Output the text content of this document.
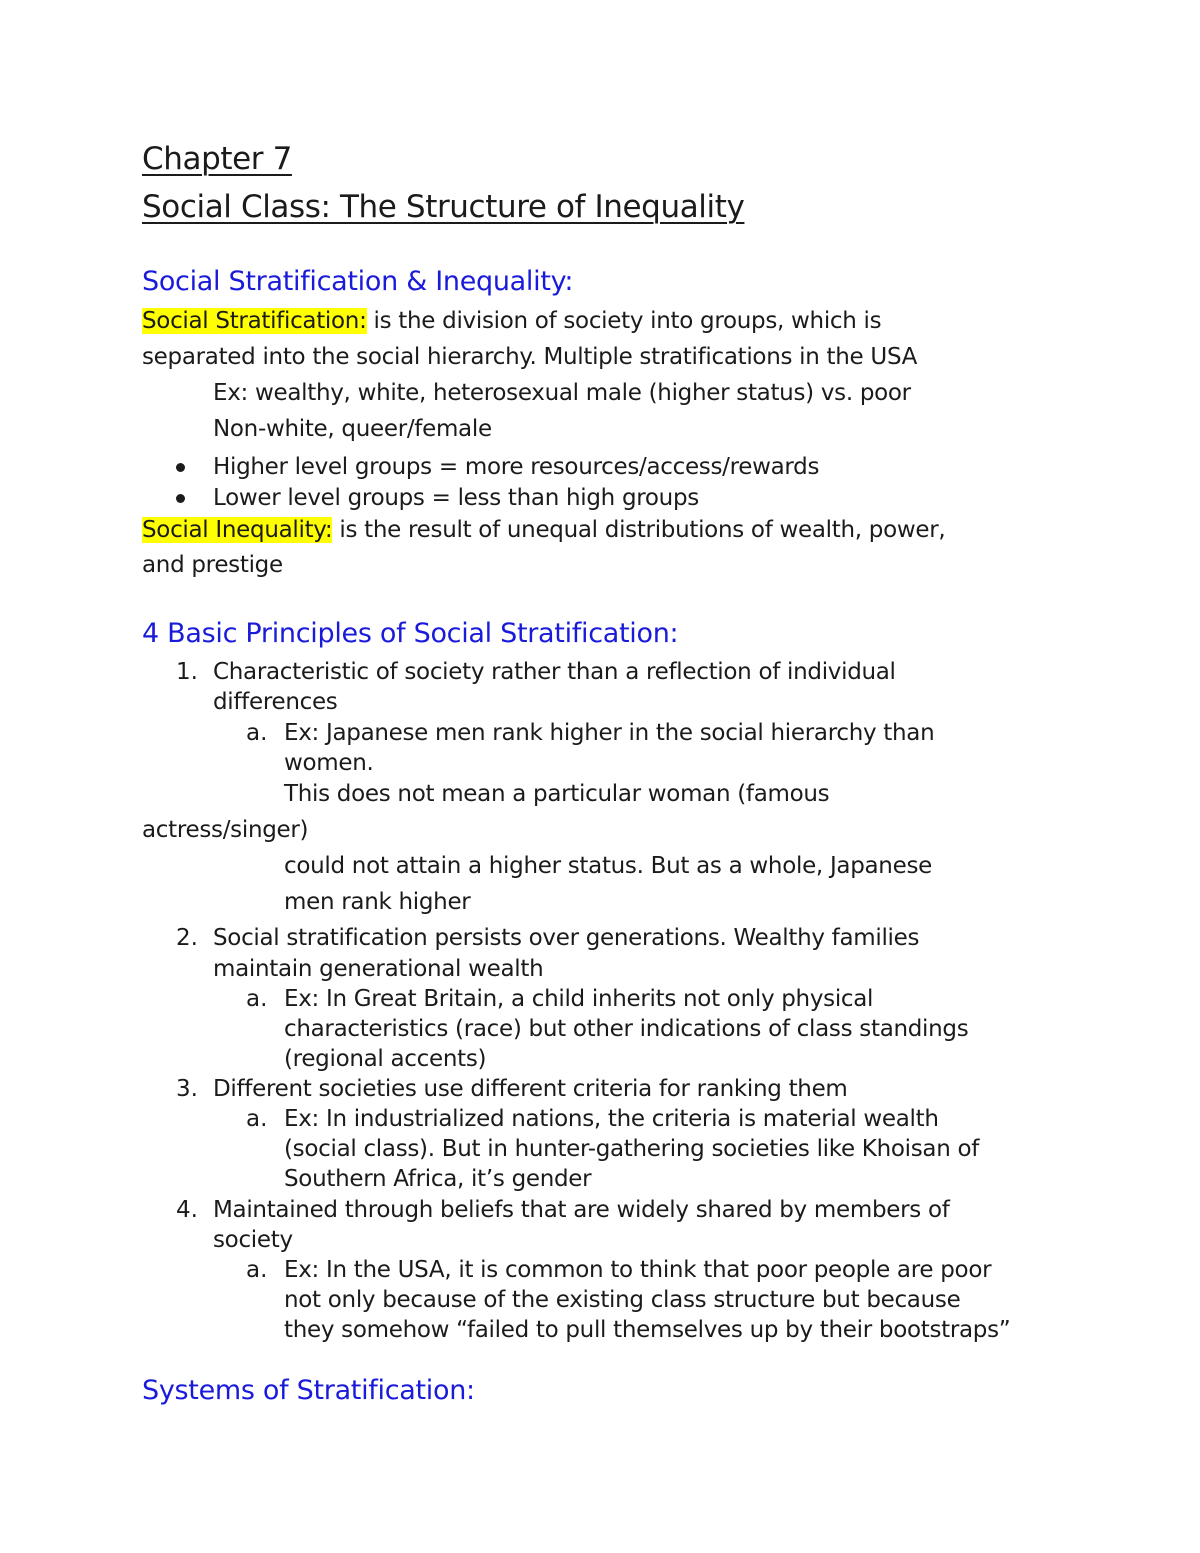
Chapter 7
Social Class: The Structure of Inequality
Social Stratification & Inequality:
Social Stratification: is the division of society into groups, which is
separated into the social hierarchy. Multiple stratifications in the USA
Ex: wealthy, white, heterosexual male (higher status) vs. poor
Non-white, queer/female
Higher level groups = more resources/access/rewards
Lower level groups = less than high groups
Social Inequality: is the result of unequal distributions of wealth, power,
and prestige
4 Basic Principles of Social Stratification:
1. Characteristic of society rather than a reflection of individual
differences
a. Ex: Japanese men rank higher in the social hierarchy than
women.
This does not mean a particular woman (famous
actress/singer)
could not attain a higher status. But as a whole, Japanese
men rank higher
2. Social stratification persists over generations. Wealthy families
maintain generational wealth
a. Ex: In Great Britain, a child inherits not only physical
characteristics (race) but other indications of class standings
(regional accents)
3. Different societies use different criteria for ranking them
a. Ex: In industrialized nations, the criteria is material wealth
(social class). But in hunter-gathering societies like Khoisan of
Southern Africa, it’s gender
4. Maintained through beliefs that are widely shared by members of
society
a. Ex: In the USA, it is common to think that poor people are poor
not only because of the existing class structure but because
they somehow “failed to pull themselves up by their bootstraps”
Systems of Stratification:
